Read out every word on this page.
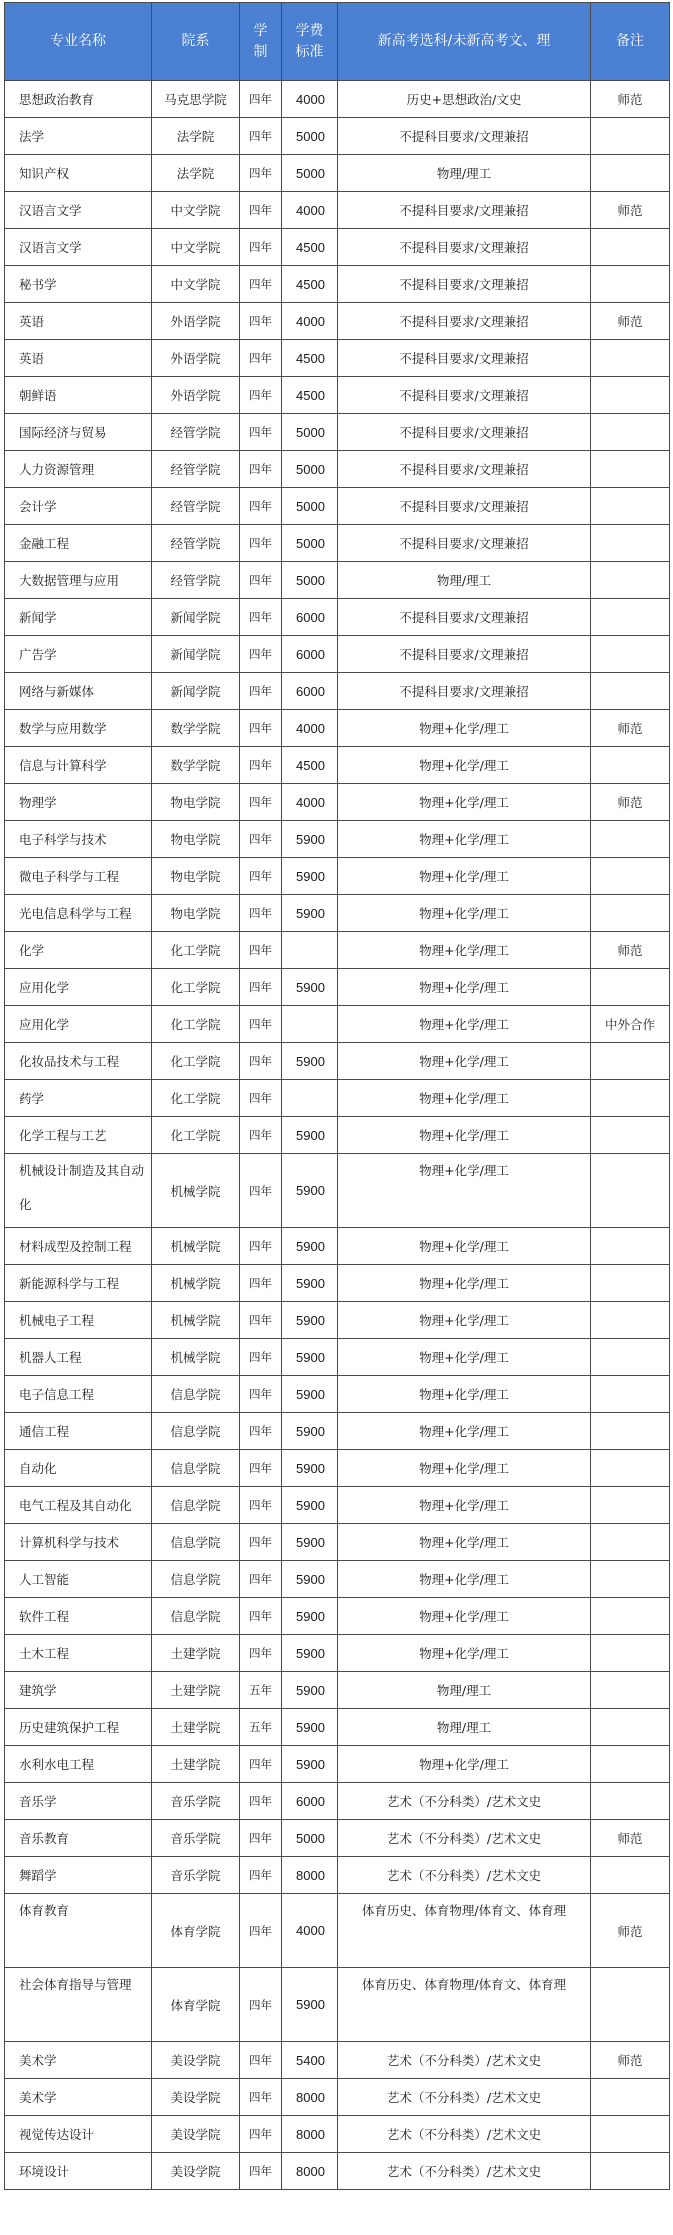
专业名称	院系	学制	学费标准	新高考选科/未新高考文、理	备注
思想政治教育	马克思学院	四年	4000	历史+思想政治/文史	师范
法学	法学院	四年	5000	不提科目要求/文理兼招	
知识产权	法学院	四年	5000	物理/理工	
汉语言文学	中文学院	四年	4000	不提科目要求/文理兼招	师范
汉语言文学	中文学院	四年	4500	不提科目要求/文理兼招	
秘书学	中文学院	四年	4500	不提科目要求/文理兼招	
英语	外语学院	四年	4000	不提科目要求/文理兼招	师范
英语	外语学院	四年	4500	不提科目要求/文理兼招	
朝鲜语	外语学院	四年	4500	不提科目要求/文理兼招	
国际经济与贸易	经管学院	四年	5000	不提科目要求/文理兼招	
人力资源管理	经管学院	四年	5000	不提科目要求/文理兼招	
会计学	经管学院	四年	5000	不提科目要求/文理兼招	
金融工程	经管学院	四年	5000	不提科目要求/文理兼招	
大数据管理与应用	经管学院	四年	5000	物理/理工	
新闻学	新闻学院	四年	6000	不提科目要求/文理兼招	
广告学	新闻学院	四年	6000	不提科目要求/文理兼招	
网络与新媒体	新闻学院	四年	6000	不提科目要求/文理兼招	
数学与应用数学	数学学院	四年	4000	物理+化学/理工	师范
信息与计算科学	数学学院	四年	4500	物理+化学/理工	
物理学	物电学院	四年	4000	物理+化学/理工	师范
电子科学与技术	物电学院	四年	5900	物理+化学/理工	
微电子科学与工程	物电学院	四年	5900	物理+化学/理工	
光电信息科学与工程	物电学院	四年	5900	物理+化学/理工	
化学	化工学院	四年		物理+化学/理工	师范
应用化学	化工学院	四年	5900	物理+化学/理工	
应用化学	化工学院	四年		物理+化学/理工	中外合作
化妆品技术与工程	化工学院	四年	5900	物理+化学/理工	
药学	化工学院	四年		物理+化学/理工	
化学工程与工艺	化工学院	四年	5900	物理+化学/理工	
机械设计制造及其自动化	机械学院	四年	5900	物理+化学/理工	
材料成型及控制工程	机械学院	四年	5900	物理+化学/理工	
新能源科学与工程	机械学院	四年	5900	物理+化学/理工	
机械电子工程	机械学院	四年	5900	物理+化学/理工	
机器人工程	机械学院	四年	5900	物理+化学/理工	
电子信息工程	信息学院	四年	5900	物理+化学/理工	
通信工程	信息学院	四年	5900	物理+化学/理工	
自动化	信息学院	四年	5900	物理+化学/理工	
电气工程及其自动化	信息学院	四年	5900	物理+化学/理工	
计算机科学与技术	信息学院	四年	5900	物理+化学/理工	
人工智能	信息学院	四年	5900	物理+化学/理工	
软件工程	信息学院	四年	5900	物理+化学/理工	
土木工程	土建学院	四年	5900	物理+化学/理工	
建筑学	土建学院	五年	5900	物理/理工	
历史建筑保护工程	土建学院	五年	5900	物理/理工	
水利水电工程	土建学院	四年	5900	物理+化学/理工	
音乐学	音乐学院	四年	6000	艺术（不分科类）/艺术文史	
音乐教育	音乐学院	四年	5000	艺术（不分科类）/艺术文史	师范
舞蹈学	音乐学院	四年	8000	艺术（不分科类）/艺术文史	
体育教育	体育学院	四年	4000	体育历史、体育物理/体育文、体育理	师范
社会体育指导与管理	体育学院	四年	5900	体育历史、体育物理/体育文、体育理	
美术学	美设学院	四年	5400	艺术（不分科类）/艺术文史	师范
美术学	美设学院	四年	8000	艺术（不分科类）/艺术文史	
视觉传达设计	美设学院	四年	8000	艺术（不分科类）/艺术文史	
环境设计	美设学院	四年	8000	艺术（不分科类）/艺术文史	
